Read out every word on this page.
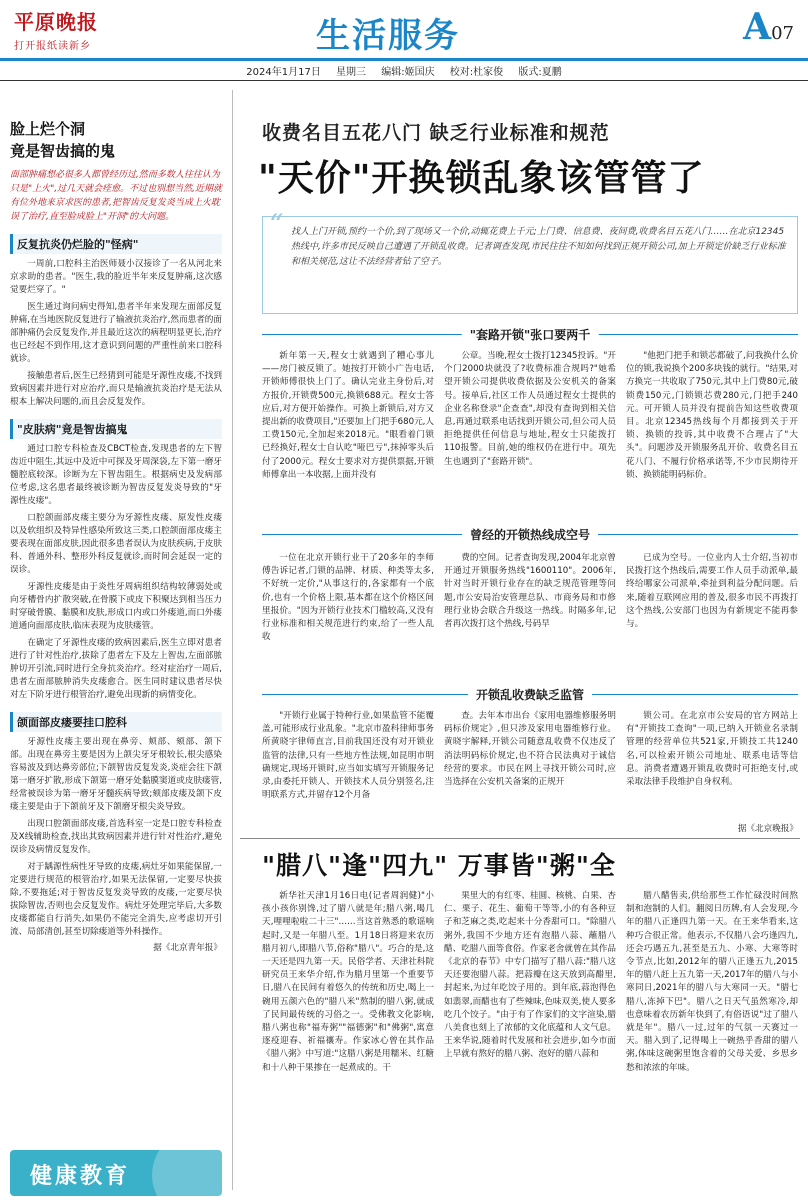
平原晚报
打开报纸读新乡	生活服务	A07
2024年1月17日 星期三 编辑:姬国庆 校对:杜家俊 版式:夏鹏
脸上烂个洞
竟是智齿搞的鬼
面部肿痛想必很多人都曾经历过,然而多数人往往认为只是"上火",过几天就会痊愈。不过也别想当然,近期就有位外地来京求医的患者,把智齿反复发炎当成上火耽误了治疗,直至脸成脸上"开洞"的大问题。
反复抗炎仍烂脸的"怪病"

一周前,口腔科主治医师聂小汉接诊了一名从河北来京求助的患者。"医生,我的脸近半年来反复肿痛,这次感觉要烂穿了。"

医生通过询问病史得知,患者半年来发现左面部反复肿痛,在当地医院反复进行了输液抗炎治疗,然而患者的面部肿痛仍会反复发作,并且最近这次的病程明显更长,治疗也已经起不到作用,这才意识到问题的严重性前来口腔科就诊。

接触患者后,医生已经猜到可能是牙源性皮瘘,不找到致病因素并进行对应治疗,而只是输液抗炎治疗是无法从根本上解决问题的,而且会反复发作。

"皮肤病"竟是智齿搞鬼

通过口腔专科检查及CBCT检查,发现患者的左下智齿近中阻生,其远中及近中可探及牙周深袋,左下第一磨牙髓腔底较深。诊断为左下智齿阻生。根据病史及发病部位考虑,这名患者最终被诊断为智齿反复发炎导致的"牙源性皮瘘"。

口腔颌面部皮瘘主要分为牙源性皮瘘、原发性皮瘘以及软组织及特异性感染所致这三类,口腔颌面部皮瘘主要表现在面部皮肤,因此很多患者误认为皮肤疾病,于皮肤科、普通外科、整形外科反复就诊,而时间会延误一定的误诊。

牙源性皮瘘是由于炎性牙周病组织结构较薄弱处或向牙槽骨内扩散突破,在骨膜下或皮下积聚达到相当压力时穿破骨膜、黏膜和皮肤,形成口内或口外瘘道,而口外瘘道通向面部皮肤,临床表现为皮肤瘘管。

在确定了牙源性皮瘘的致病因素后,医生立即对患者进行了针对性治疗,拔除了患者左下及左上智齿,左面部脓肿切开引流,同时进行全身抗炎治疗。经对症治疗一周后,患者左面部脓肿消失皮瘘愈合。医生同时建议患者尽快对左下阶牙进行根管治疗,避免出现新的病情变化。

颌面部皮瘘要挂口腔科

牙源性皮瘘主要出现在鼻旁、颊部、颏部、颌下部。出现在鼻旁主要是因为上颌尖牙牙根较长,根尖感染容易波及到达鼻旁部位;下颌智齿反复发炎,炎症会往下颌第一磨牙扩散,形成下颌第一磨牙处黏膜窦道或皮肤瘘管,经常被误诊为第一磨牙牙髓疾病导致;颏部皮瘘及颌下皮瘘主要是由于下颌前牙及下颌磨牙根尖炎导致。

出现口腔颌面部皮瘘,首选科室一定是口腔专科检查及X线辅助检查,找出其致病因素并进行针对性治疗,避免误诊及病情反复发作。

对于龋源性病性牙导致的皮瘘,病灶牙如果能保留,一定要进行规范的根管治疗,如果无法保留,一定要尽快拔除,不要拖延;对于智齿反复发炎导致的皮瘘,一定要尽快拔除智齿,否则也会反复发作。病灶牙处理完毕后,大多数皮瘘都能自行消失,如果仍不能完全消失,应考虑切开引流、局部清创,甚至切除瘘道等外科操作。

据《北京青年报》
健康教育
收费名目五花八门 缺乏行业标准和规范
"天价"开换锁乱象该管管了
“ 找人上门开锁,预约一个价,到了现场又一个价,动辄花费上千元;上门费、信息费、夜间费,收费名目五花八门……在北京12345热线中,许多市民反映自己遭遇了开锁乱收费。记者调查发现,市民往往不知如何找到正规开锁公司,加上开锁定价缺乏行业标准和相关规范,这让不法经营者钻了空子。
"套路开锁"张口要两千

新年第一天,程女士就遇到了糟心事儿——房门被反锁了。她按打开锁小广告电话,开锁师傅很快上门了。确认完业主身份后,对方报价,开锁费500元,换锁688元。程女士答应后,对方便开始操作。可换上新锁后,对方又提出新的收费项目,"还要加上门把手680元,人工费150元,全加起来2018元。"眼看着门锁已经换好,程女士自认吃"哑巴亏",抹掉零头后付了2000元。程女士要求对方提供票据,开锁师傅拿出一本收据,上面并没有

公章。当晚,程女士拨打12345投诉。"开个门2000块就没了?收费标准合规吗?"她希望开锁公司提供收费依据及公安机关的备案号。接单后,社区工作人员通过程女士提供的企业名称登录"企查查",却没有查询到相关信息,再通过联系电话找到开锁公司,但公司人员拒绝提供任何信息与地址,程女士只能拨打110报警。目前,她的维权仍在进行中。项先生也遇到了"套路开锁"。

"他把门把手和锁芯都破了,问我换什么价位的锁,我说换个200多块钱的就行。"结果,对方换完一共收取了750元,其中上门费80元,破锁费150元,门锁锁芯费280元,门把手240元。可开锁人员并没有提前告知这些收费项目。北京12345热线每个月都接到关于开锁、换锁的投诉,其中收费不合理占了"大头"。问题涉及开锁服务乱开价、收费名目五花八门、不履行价格承诺等,不少市民期待开锁、换锁能明码标价。

曾经的开锁热线成空号

一位在北京开锁行业干了20多年的李师傅告诉记者,门锁的品牌、材质、种类等太多,不好统一定价,"从事这行的,各家都有一个底价,也有一个价格上限,基本都在这个价格区间里报价。"因为开锁行业技术门槛较高,又没有行业标准和相关规范进行约束,给了一些人乱收

费的空间。记者查询发现,2004年北京曾开通过开锁服务热线"1600110"。2006年,针对当时开锁行业存在的缺乏规范管理等问题,市公安局治安管理总队、市商务局和市修理行业协会联合升级这一热线。时隔多年,记者再次拨打这个热线,号码早

已成为空号。一位业内人士介绍,当初市民拨打这个热线后,需要工作人员手动派单,最终给哪家公司派单,牵扯到利益分配问题。后来,随着互联网应用的普及,很多市民不再拨打这个热线,公安部门也因为有新规定不能再参与。

开锁乱收费缺乏监管

"开锁行业属于特种行业,如果监管不能覆盖,可能形成行业乱象。"北京市盈科律师事务所黄晓宇律师直言,目前我国还没有对开锁业监管的法律,只有一些地方性法规,如昆明市明确规定,现场开锁时,应当如实填写开锁服务记录,由委托开锁人、开锁技术人员分别签名,注明联系方式,并留存12个月备

查。去年本市出台《家用电器维修服务明码标价规定》,但只涉及家用电器维修行业。黄晓宇解释,开锁公司随意乱收费不仅违反了消法明码标价规定,也不符合民法典对于诚信经营的要求。市民在网上寻找开锁公司时,应当选择在公安机关备案的正规开

锁公司。在北京市公安局的官方网站上有"开锁技工查询"一项,已纳入开锁业名录制管理的经营单位共521家,开锁技工共1240名,可以检索开锁公司地址、联系电话等信息。消费者遭遇开锁乱收费时可拒绝支付,或采取法律手段维护自身权利。

据《北京晚报》
"腊八"逢"四九" 万事皆"粥"全

新华社天津1月16日电(记者周润健)"小孩小孩你别馋,过了腊八就是年;腊八粥,喝几天,哩哩啦啦二十三"……当这首熟悉的歌谣响起时,又是一年腊八至。1月18日将迎来农历腊月初八,即腊八节,俗称"腊八"。巧合的是,这一天还是四九第一天。民俗学者、天津社科院研究员王来华介绍,作为腊月里第一个重要节日,腊八在民间有着悠久的传统和历史,喝上一碗用五颜六色的"腊八米"熬制的腊八粥,就成了民间最传统的习俗之一。受佛教文化影响,腊八粥也称"福寿粥""福德粥"和"佛粥",寓意逐疫迎春、祈福禳寿。作家冰心曾在其作品《腊八粥》中写道:"这腊八粥是用糯米、红糖和十八种干果掺在一起煮成的。干

果里大的有红枣、桂圆、核桃、白果、杏仁、栗子、花生、葡萄干等等,小的有各种豆子和芝麻之类,吃起来十分香甜可口。"除腊八粥外,我国不少地方还有泡腊八蒜、蘸腊八醋、吃腊八面等食俗。作家老舍就曾在其作品《北京的春节》中专门描写了腊八蒜:"腊八这天还要泡腊八蒜。把蒜瓣在这天放到高醋里,封起来,为过年吃饺子用的。到年底,蒜泡得色如翡翠,而醋也有了些辣味,色味双美,使人要多吃几个饺子。"由于有了作家们的文字渲染,腊八美食也刻上了浓郁的文化底蕴和人文气息。王来华说,随着时代发展和社会进步,如今市面上早就有熬好的腊八粥、泡好的腊八蒜和

腊八醋售卖,供给那些工作忙碌没时间熬制和泡制的人们。翻阅日历牌,有人会发现,今年的腊八正逢四九第一天。在王来华看来,这种巧合很正常。他表示,不仅腊八会巧逢四九,还会巧遇五九,甚至是五九、小寒、大寒等时令节点,比如,2012年的腊八正逢五九,2015年的腊八赶上五九第一天,2017年的腊八与小寒同日,2021年的腊八与大寒同一天。"腊七腊八,冻掉下巴"。腊八之日天气虽然寒冷,却也意味着农历新年快到了,有俗语说"过了腊八就是年"。腊八一过,过年的气氛一天赛过一天。腊入到了,记得喝上一碗热乎香甜的腊八粥,体味这碗粥里饱含着的父母关爱、乡思乡愁和浓浓的年味。
